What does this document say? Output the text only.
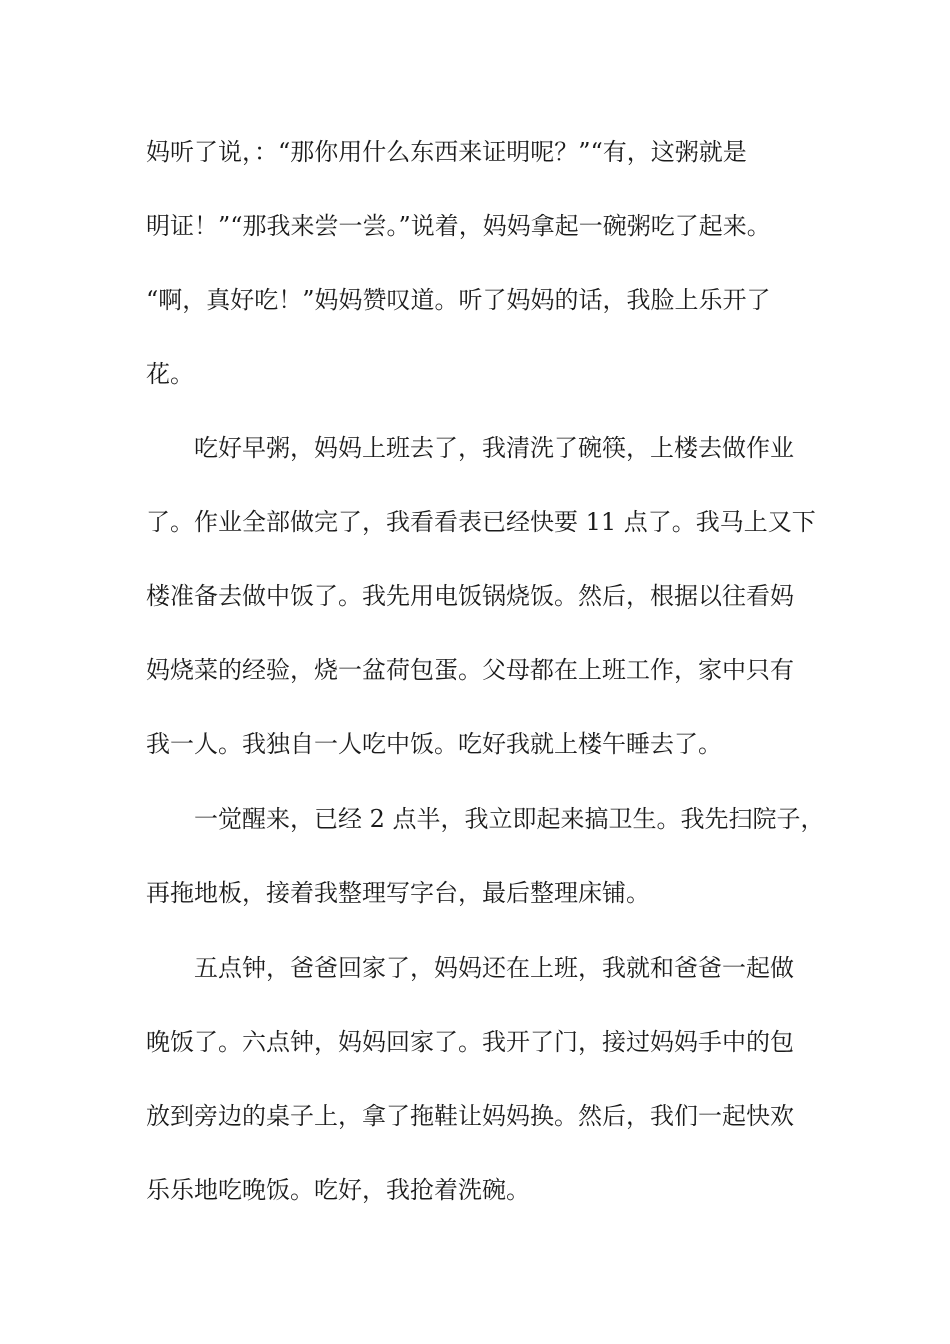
妈听了说，：“那你用什么东西来证明呢？”“有，这粥就是
明证！”“那我来尝一尝。”说着，妈妈拿起一碗粥吃了起来。
“啊，真好吃！”妈妈赞叹道。听了妈妈的话，我脸上乐开了
花。
吃好早粥，妈妈上班去了，我清洗了碗筷，上楼去做作业
了。作业全部做完了，我看看表已经快要 11 点了。我马上又下
楼准备去做中饭了。我先用电饭锅烧饭。然后，根据以往看妈
妈烧菜的经验，烧一盆荷包蛋。父母都在上班工作，家中只有
我一人。我独自一人吃中饭。吃好我就上楼午睡去了。
一觉醒来，已经 2 点半，我立即起来搞卫生。我先扫院子，
再拖地板，接着我整理写字台，最后整理床铺。
五点钟，爸爸回家了，妈妈还在上班，我就和爸爸一起做
晚饭了。六点钟，妈妈回家了。我开了门，接过妈妈手中的包
放到旁边的桌子上，拿了拖鞋让妈妈换。然后，我们一起快欢
乐乐地吃晚饭。吃好，我抢着洗碗。
